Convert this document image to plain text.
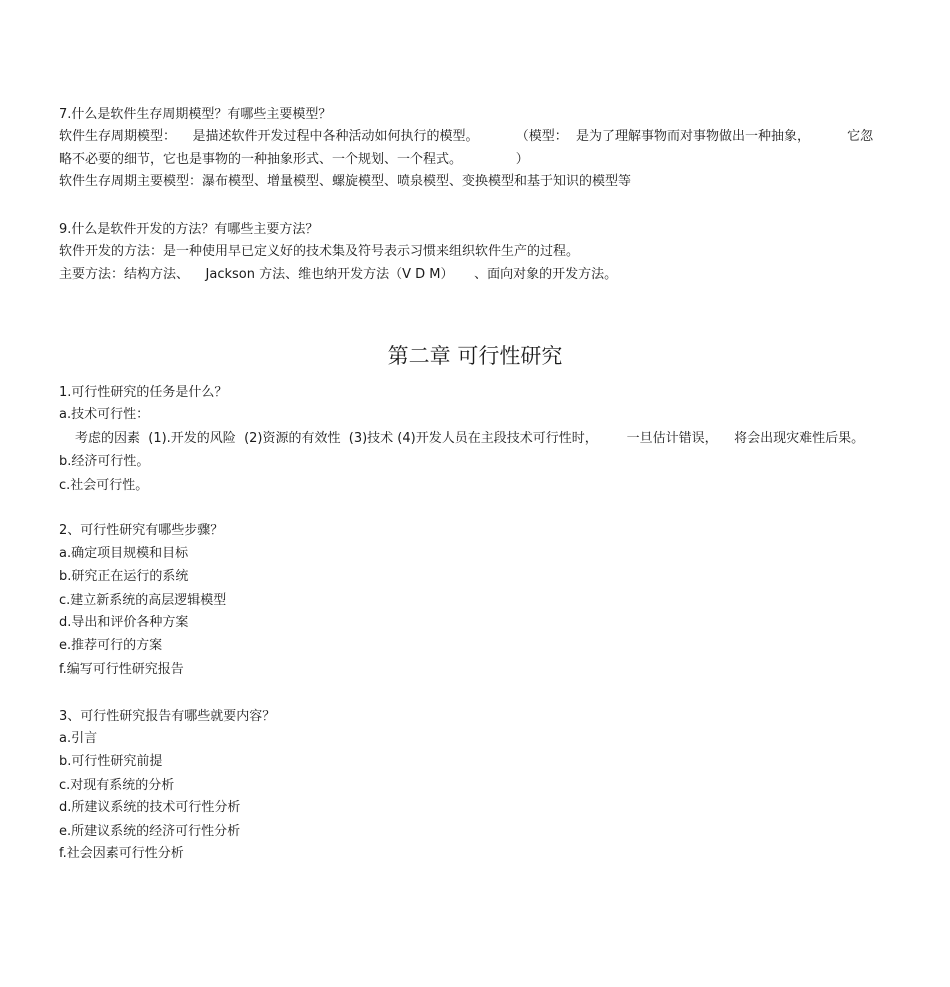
7.什么是软件生存周期模型？有哪些主要模型？
软件生存周期模型：    是描述软件开发过程中各种活动如何执行的模型。         （模型：  是为了理解事物而对事物做出一种抽象，         它忽
略不必要的细节，它也是事物的一种抽象形式、一个规划、一个程式。             ）
软件生存周期主要模型：瀑布模型、增量模型、螺旋模型、喷泉模型、变换模型和基于知识的模型等
9.什么是软件开发的方法？有哪些主要方法？
软件开发的方法：是一种使用早已定义好的技术集及符号表示习惯来组织软件生产的过程。
主要方法：结构方法、    Jackson 方法、维也纳开发方法（V D M）     、面向对象的开发方法。
第二章 可行性研究
1.可行性研究的任务是什么？
a.技术可行性：
考虑的因素  (1).开发的风险  (2)资源的有效性  (3)技术 (4)开发人员在主段技术可行性时，       一旦估计错误，    将会出现灾难性后果。
b.经济可行性。
c.社会可行性。
2、可行性研究有哪些步骤？
a.确定项目规模和目标
b.研究正在运行的系统
c.建立新系统的高层逻辑模型
d.导出和评价各种方案
e.推荐可行的方案
f.编写可行性研究报告
3、可行性研究报告有哪些就要内容？
a.引言
b.可行性研究前提
c.对现有系统的分析
d.所建议系统的技术可行性分析
e.所建议系统的经济可行性分析
f.社会因素可行性分析
